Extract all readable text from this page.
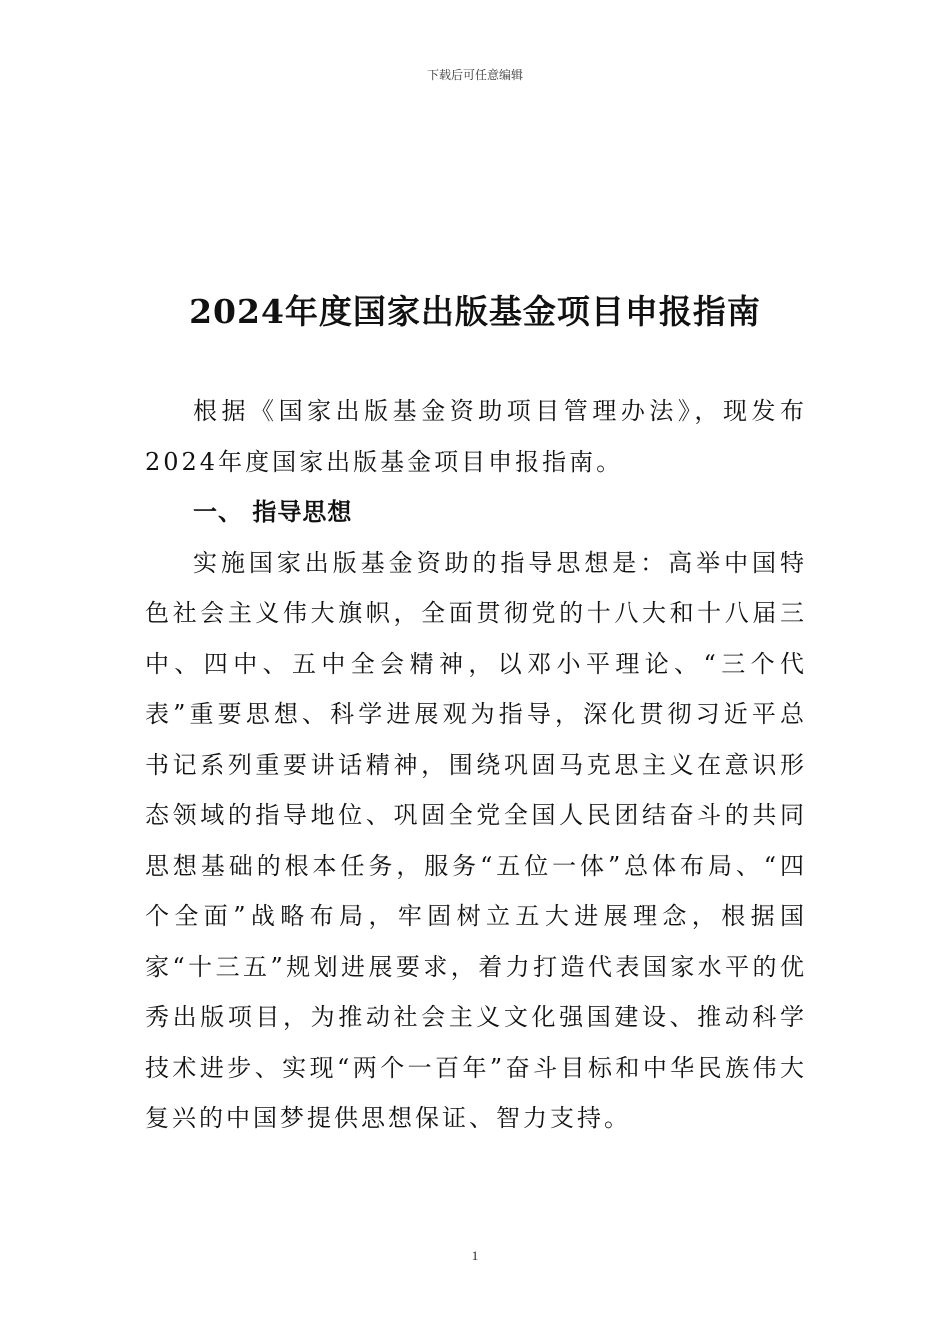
下载后可任意编辑
2024年度国家出版基金项目申报指南

根据《国家出版基金资助项目管理办法》，现发布2024年度国家出版基金项目申报指南。

一、 指导思想

实施国家出版基金资助的指导思想是：高举中国特色社会主义伟大旗帜，全面贯彻党的十八大和十八届三中、四中、五中全会精神，以邓小平理论、“三个代表”重要思想、科学进展观为指导，深化贯彻习近平总书记系列重要讲话精神，围绕巩固马克思主义在意识形态领域的指导地位、巩固全党全国人民团结奋斗的共同思想基础的根本任务，服务“五位一体”总体布局、“四个全面”战略布局，牢固树立五大进展理念，根据国家“十三五”规划进展要求，着力打造代表国家水平的优秀出版项目，为推动社会主义文化强国建设、推动科学技术进步、实现“两个一百年”奋斗目标和中华民族伟大复兴的中国梦提供思想保证、智力支持。

1
